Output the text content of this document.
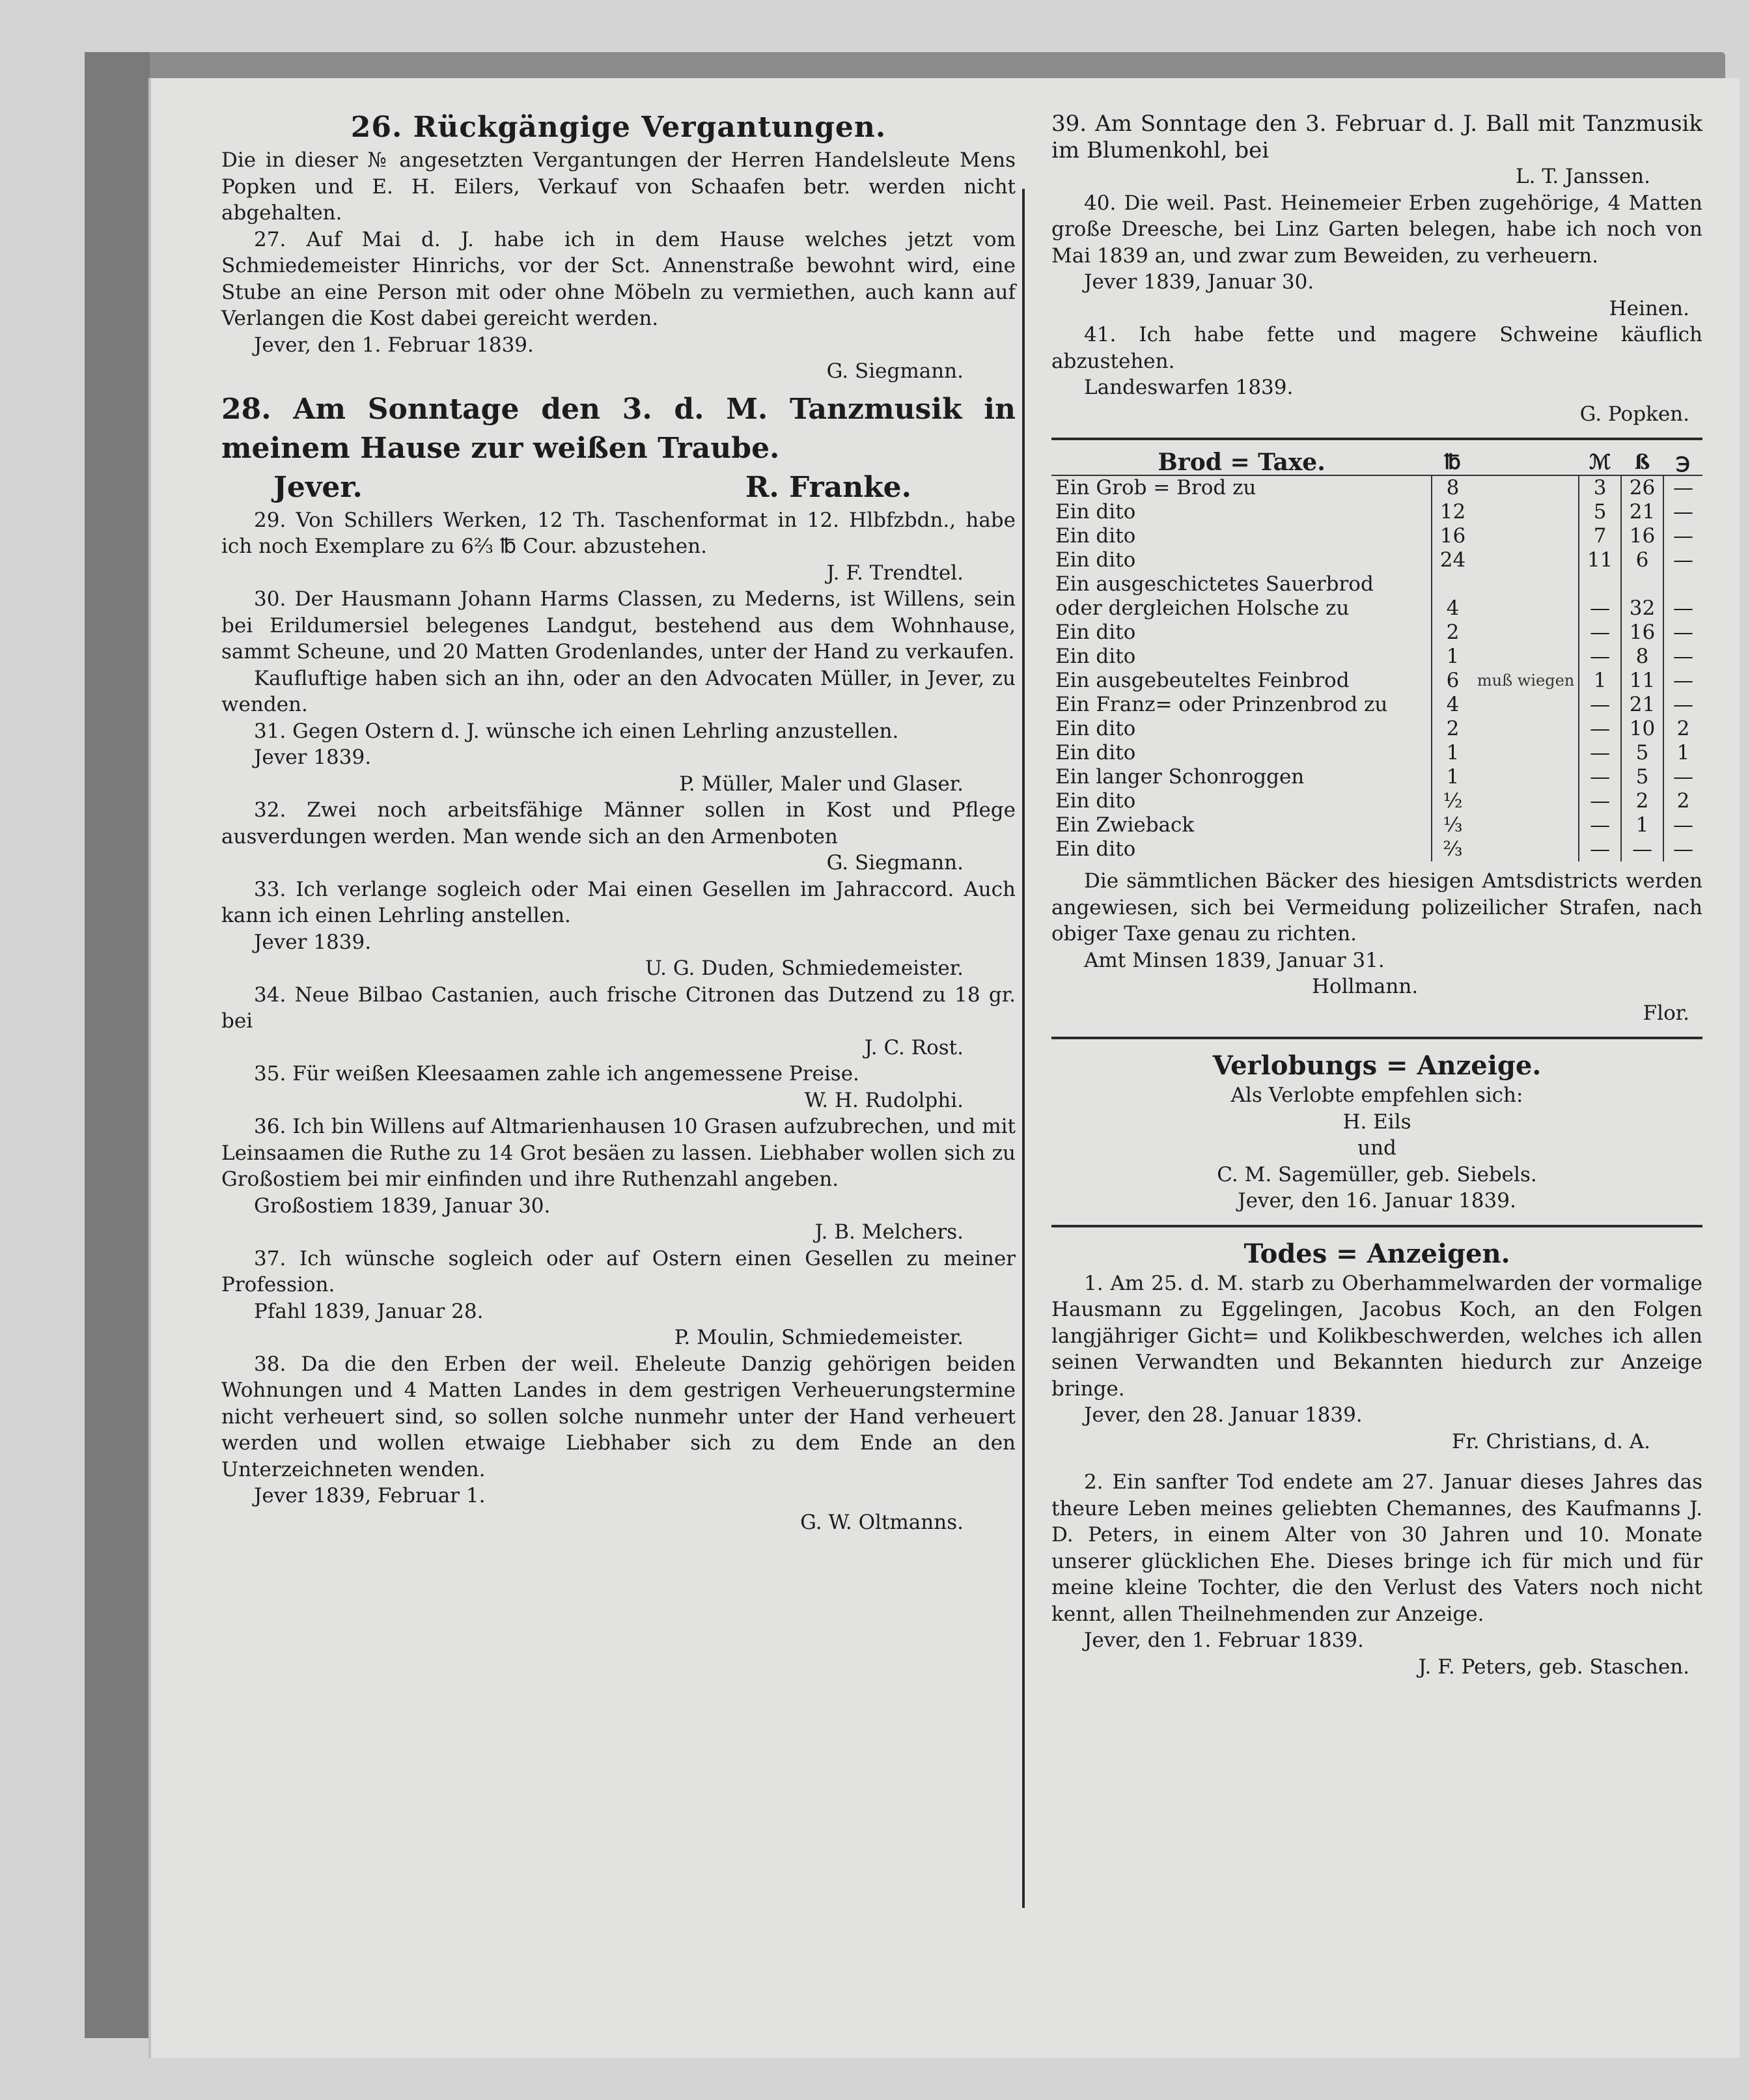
26. Rückgängige Vergantungen.

Die in dieser № angesetzten Vergantungen der Herren Handelsleute Mens Popken und E. H. Eilers, Verkauf von Schaafen betr. werden nicht abgehalten.

27. Auf Mai d. J. habe ich in dem Hause welches jetzt vom Schmiedemeister Hinrichs, vor der Sct. Annenstraße bewohnt wird, eine Stube an eine Person mit oder ohne Möbeln zu vermiethen, auch kann auf Verlangen die Kost dabei gereicht werden.

Jever, den 1. Februar 1839.

G. Siegmann.

28. Am Sonntage den 3. d. M. Tanzmusik in meinem Hause zur weißen Traube.

Jever.	R. Franke.

29. Von Schillers Werken, 12 Th. Taschenformat in 12. Hlbfzbdn., habe ich noch Exemplare zu 6⅔ ℔ Cour. abzustehen.

J. F. Trendtel.

30. Der Hausmann Johann Harms Classen, zu Mederns, ist Willens, sein bei Erildumersiel belegenes Landgut, bestehend aus dem Wohnhause, sammt Scheune, und 20 Matten Grodenlandes, unter der Hand zu verkaufen.

Kaufluftige haben sich an ihn, oder an den Advocaten Müller, in Jever, zu wenden.

31. Gegen Ostern d. J. wünsche ich einen Lehrling anzustellen.

Jever 1839.

P. Müller, Maler und Glaser.

32. Zwei noch arbeitsfähige Männer sollen in Kost und Pflege ausverdungen werden. Man wende sich an den Armenboten

G. Siegmann.

33. Ich verlange sogleich oder Mai einen Gesellen im Jahraccord. Auch kann ich einen Lehrling anstellen.

Jever 1839.

U. G. Duden, Schmiedemeister.

34. Neue Bilbao Castanien, auch frische Citronen das Dutzend zu 18 gr. bei

J. C. Rost.

35. Für weißen Kleesaamen zahle ich angemessene Preise.

W. H. Rudolphi.

36. Ich bin Willens auf Altmarienhausen 10 Grasen aufzubrechen, und mit Leinsaamen die Ruthe zu 14 Grot besäen zu lassen. Liebhaber wollen sich zu Großostiem bei mir einfinden und ihre Ruthenzahl angeben.

Großostiem 1839, Januar 30.

J. B. Melchers.

37. Ich wünsche sogleich oder auf Ostern einen Gesellen zu meiner Profession.

Pfahl 1839, Januar 28.

P. Moulin, Schmiedemeister.

38. Da die den Erben der weil. Eheleute Danzig gehörigen beiden Wohnungen und 4 Matten Landes in dem gestrigen Verheuerungstermine nicht verheuert sind, so sollen solche nunmehr unter der Hand verheuert werden und wollen etwaige Liebhaber sich zu dem Ende an den Unterzeichneten wenden.

Jever 1839, Februar 1.

G. W. Oltmanns.

39. Am Sonntage den 3. Februar d. J. Ball mit Tanzmusik im Blumenkohl, bei

L. T. Janssen.

40. Die weil. Past. Heinemeier Erben zugehörige, 4 Matten große Dreesche, bei Linz Garten belegen, habe ich noch von Mai 1839 an, und zwar zum Beweiden, zu verheuern.

Jever 1839, Januar 30.

Heinen.

41. Ich habe fette und magere Schweine käuflich abzustehen.

Landeswarfen 1839.

G. Popken.

Brod = Taxe.	℔		ℳ	ß	℈
Ein Grob = Brod zu	8		3	26	—
Ein dito	12		5	21	—
Ein dito	16		7	16	—
Ein dito	24		11	6	—
Ein ausgeschictetes Sauerbrod					
oder dergleichen Holsche zu	4		—	32	—
Ein dito	2		—	16	—
Ein dito	1		—	8	—
Ein ausgebeuteltes Feinbrod	6	muß wiegen	1	11	—
Ein Franz= oder Prinzenbrod zu	4		—	21	—
Ein dito	2		—	10	2
Ein dito	1		—	5	1
Ein langer Schonroggen	1		—	5	—
Ein dito	½		—	2	2
Ein Zwieback	⅓		—	1	—
Ein dito	⅔		—	—	—

Die sämmtlichen Bäcker des hiesigen Amtsdistricts werden angewiesen, sich bei Vermeidung polizeilicher Strafen, nach obiger Taxe genau zu richten.

Amt Minsen 1839, Januar 31.

Hollmann.

Flor.

Verlobungs = Anzeige.

Als Verlobte empfehlen sich:

H. Eils

und

C. M. Sagemüller, geb. Siebels.

Jever, den 16. Januar 1839.

Todes = Anzeigen.

1. Am 25. d. M. starb zu Oberhammelwarden der vormalige Hausmann zu Eggelingen, Jacobus Koch, an den Folgen langjähriger Gicht= und Kolikbeschwerden, welches ich allen seinen Verwandten und Bekannten hiedurch zur Anzeige bringe.

Jever, den 28. Januar 1839.

Fr. Christians, d. A.

2. Ein sanfter Tod endete am 27. Januar dieses Jahres das theure Leben meines geliebten Chemannes, des Kaufmanns J. D. Peters, in einem Alter von 30 Jahren und 10. Monate unserer glücklichen Ehe. Dieses bringe ich für mich und für meine kleine Tochter, die den Verlust des Vaters noch nicht kennt, allen Theilnehmenden zur Anzeige.

Jever, den 1. Februar 1839.

J. F. Peters, geb. Staschen.
